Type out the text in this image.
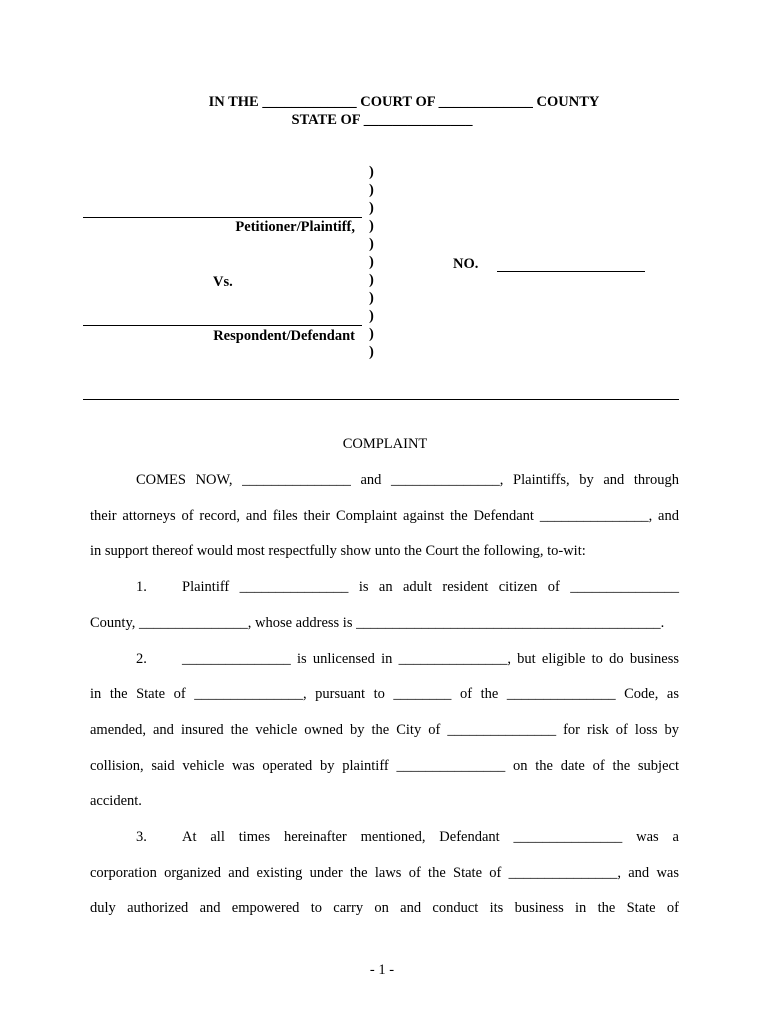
IN THE _____________ COURT OF _____________ COUNTY
STATE OF _______________
)
)
)
)
)
)
)
)
)
)
)
Petitioner/Plaintiff,
Vs.
Respondent/Defendant
NO.
COMPLAINT
COMES NOW, _______________ and _______________, Plaintiffs, by and through
their attorneys of record, and files their Complaint against the Defendant _______________, and
in support thereof would most respectfully show unto the Court the following, to-wit:
1.	Plaintiff _______________ is an adult resident citizen of _______________
County, _______________, whose address is __________________________________________.
2.	_______________ is unlicensed in _______________, but eligible to do business
in the State of _______________, pursuant to ________ of the _______________ Code, as
amended, and insured the vehicle owned by the City of _______________ for risk of loss by
collision, said vehicle was operated by plaintiff _______________ on the date of the subject
accident.
3.	At all times hereinafter mentioned, Defendant _______________ was a
corporation organized and existing under the laws of the State of _______________, and was
duly authorized and empowered to carry on and conduct its business in the State of
- 1 -
